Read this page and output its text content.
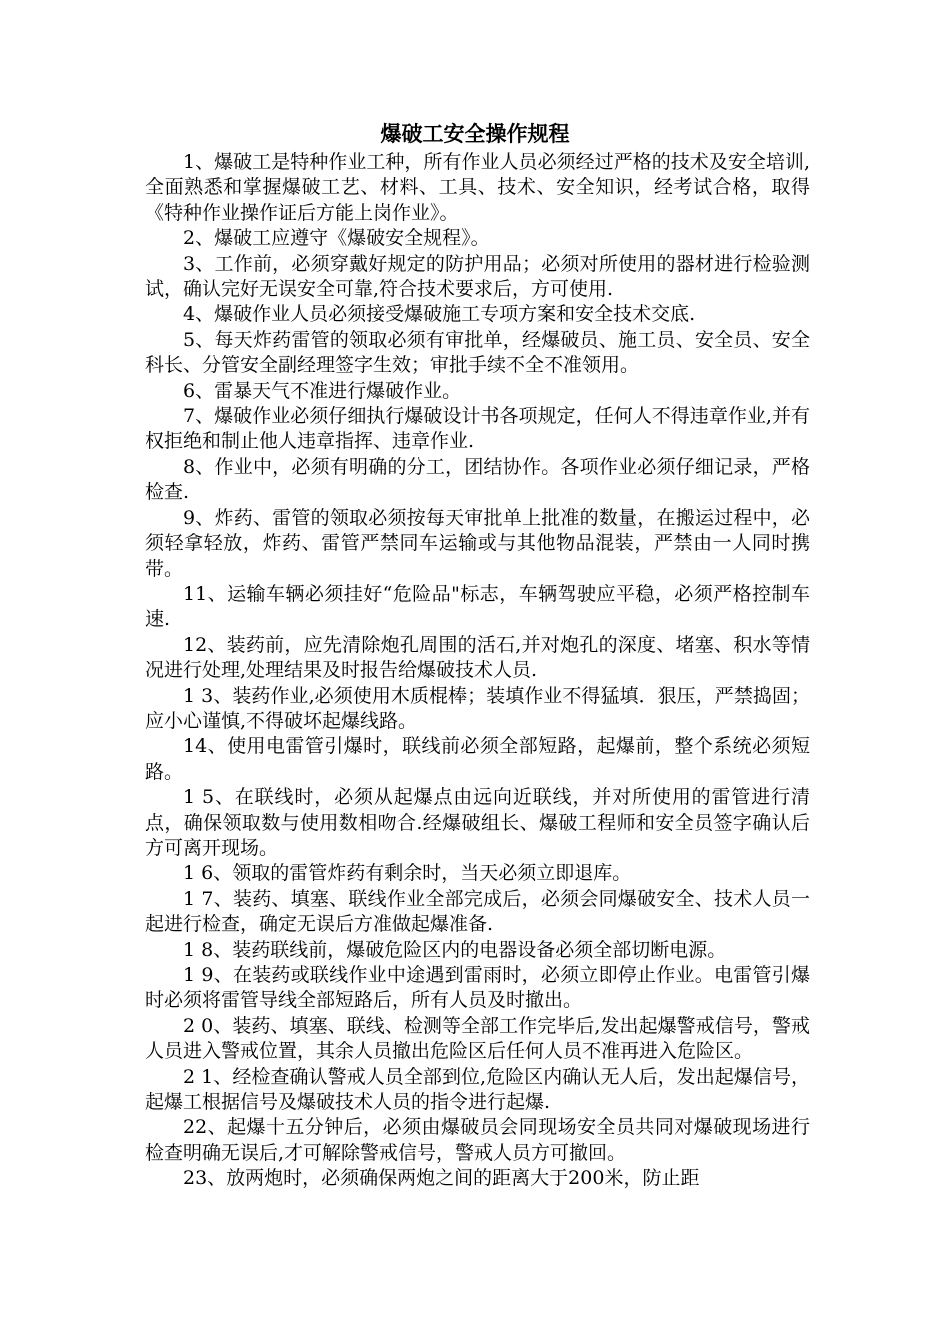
爆破工安全操作规程

1、爆破工是特种作业工种，所有作业人员必须经过严格的技术及安全培训,全面熟悉和掌握爆破工艺、材料、工具、技术、安全知识，经考试合格，取得《特种作业操作证后方能上岗作业》。

2、爆破工应遵守《爆破安全规程》。

3、工作前，必须穿戴好规定的防护用品；必须对所使用的器材进行检验测试，确认完好无误安全可靠,符合技术要求后，方可使用.

4、爆破作业人员必须接受爆破施工专项方案和安全技术交底.

5、每天炸药雷管的领取必须有审批单，经爆破员、施工员、安全员、安全科长、分管安全副经理签字生效；审批手续不全不准领用。

6、雷暴天气不准进行爆破作业。

7、爆破作业必须仔细执行爆破设计书各项规定，任何人不得违章作业,并有权拒绝和制止他人违章指挥、违章作业.

8、作业中，必须有明确的分工，团结协作。各项作业必须仔细记录，严格检查.

9、炸药、雷管的领取必须按每天审批单上批准的数量，在搬运过程中，必须轻拿轻放，炸药、雷管严禁同车运输或与其他物品混装，严禁由一人同时携带。

11、运输车辆必须挂好“危险品"标志，车辆驾驶应平稳，必须严格控制车速.

12、装药前，应先清除炮孔周围的活石,并对炮孔的深度、堵塞、积水等情况进行处理,处理结果及时报告给爆破技术人员.

1 3、装药作业,必须使用木质棍棒；装填作业不得猛填．狠压，严禁捣固；应小心谨慎,不得破坏起爆线路。

14、使用电雷管引爆时，联线前必须全部短路，起爆前，整个系统必须短路。

1 5、在联线时，必须从起爆点由远向近联线，并对所使用的雷管进行清点，确保领取数与使用数相吻合.经爆破组长、爆破工程师和安全员签字确认后方可离开现场。

1 6、领取的雷管炸药有剩余时，当天必须立即退库。

1 7、装药、填塞、联线作业全部完成后，必须会同爆破安全、技术人员一起进行检查，确定无误后方准做起爆准备.

1 8、装药联线前，爆破危险区内的电器设备必须全部切断电源。

1 9、在装药或联线作业中途遇到雷雨时，必须立即停止作业。电雷管引爆时必须将雷管导线全部短路后，所有人员及时撤出。

2 0、装药、填塞、联线、检测等全部工作完毕后,发出起爆警戒信号，警戒人员进入警戒位置，其余人员撤出危险区后任何人员不准再进入危险区。

2 1、经检查确认警戒人员全部到位,危险区内确认无人后，发出起爆信号，起爆工根据信号及爆破技术人员的指令进行起爆.

22、起爆十五分钟后，必须由爆破员会同现场安全员共同对爆破现场进行检查明确无误后,才可解除警戒信号，警戒人员方可撤回。

23、放两炮时，必须确保两炮之间的距离大于200米，防止距
